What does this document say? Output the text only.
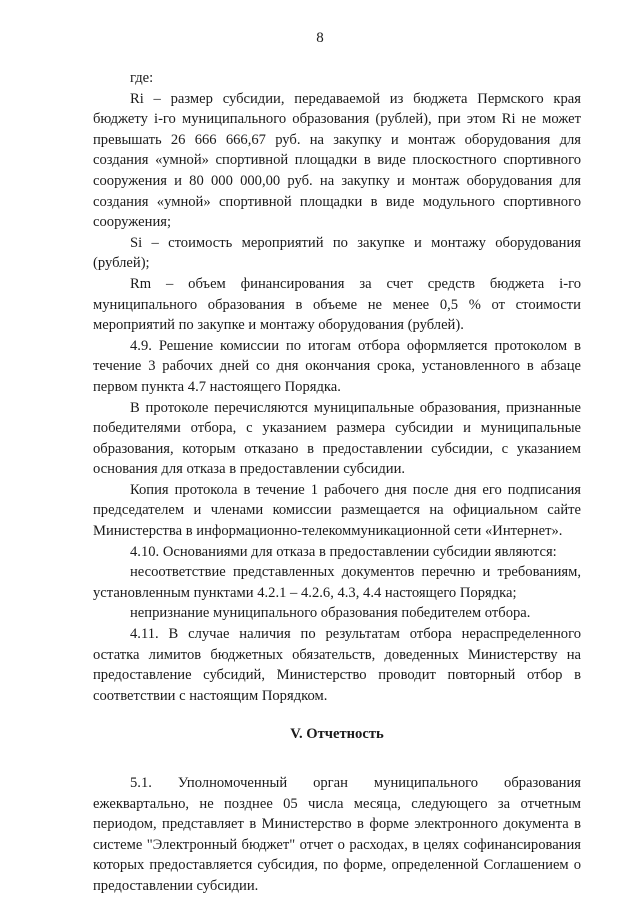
8

где:

Ri – размер субсидии, передаваемой из бюджета Пермского края бюджету i-го муниципального образования (рублей), при этом Ri не может превышать 26 666 666,67 руб. на закупку и монтаж оборудования для создания «умной» спортивной площадки в виде плоскостного спортивного сооружения и 80 000 000,00 руб. на закупку и монтаж оборудования для создания «умной» спортивной площадки в виде модульного спортивного сооружения;

Si – стоимость мероприятий по закупке и монтажу оборудования (рублей);

Rm – объем финансирования за счет средств бюджета i-го муниципального образования в объеме не менее 0,5 % от стоимости мероприятий по закупке и монтажу оборудования (рублей).

4.9. Решение комиссии по итогам отбора оформляется протоколом в течение 3 рабочих дней со дня окончания срока, установленного в абзаце первом пункта 4.7 настоящего Порядка.

В протоколе перечисляются муниципальные образования, признанные победителями отбора, с указанием размера субсидии и муниципальные образования, которым отказано в предоставлении субсидии, с указанием основания для отказа в предоставлении субсидии.

Копия протокола в течение 1 рабочего дня после дня его подписания председателем и членами комиссии размещается на официальном сайте Министерства в информационно-телекоммуникационной сети «Интернет».

4.10. Основаниями для отказа в предоставлении субсидии являются:

несоответствие представленных документов перечню и требованиям, установленным пунктами 4.2.1 – 4.2.6, 4.3, 4.4 настоящего Порядка;

непризнание муниципального образования победителем отбора.

4.11. В случае наличия по результатам отбора нераспределенного остатка лимитов бюджетных обязательств, доведенных Министерству на предоставление субсидий, Министерство проводит повторный отбор в соответствии с настоящим Порядком.

V. Отчетность

5.1. Уполномоченный орган муниципального образования ежеквартально, не позднее 05 числа месяца, следующего за отчетным периодом, представляет в Министерство в форме электронного документа в системе "Электронный бюджет" отчет о расходах, в целях софинансирования которых предоставляется субсидия, по форме, определенной Соглашением о предоставлении субсидии.
